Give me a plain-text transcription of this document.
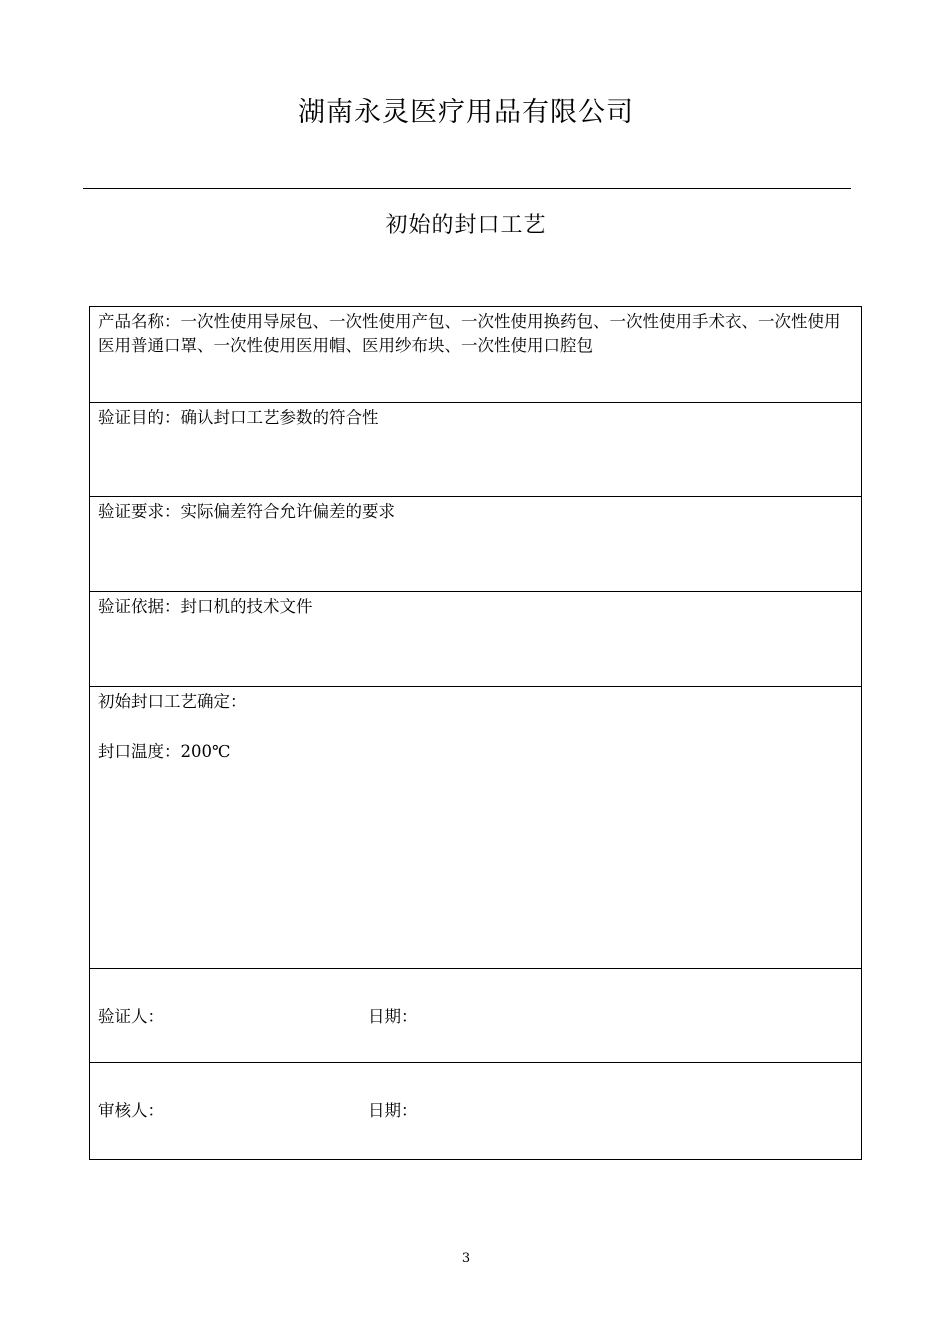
湖南永灵医疗用品有限公司
初始的封口工艺
产品名称：一次性使用导尿包、一次性使用产包、一次性使用换药包、一次性使用手术衣、一次性使用医用普通口罩、一次性使用医用帽、医用纱布块、一次性使用口腔包
验证目的：确认封口工艺参数的符合性
验证要求：实际偏差符合允许偏差的要求
验证依据：封口机的技术文件
初始封口工艺确定：
封口温度：200℃
验证人：	日期：
审核人：	日期：
3
